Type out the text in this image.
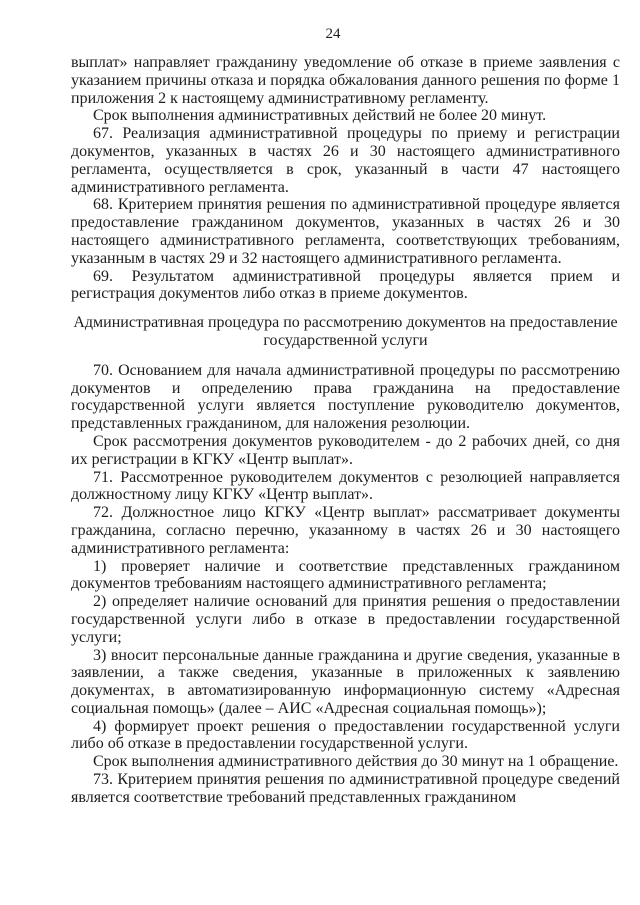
24

выплат» направляет гражданину уведомление об отказе в приеме заявления с указанием причины отказа и порядка обжалования данного решения по форме 1 приложения 2 к настоящему административному регламенту.

Срок выполнения административных действий не более 20 минут.

67. Реализация административной процедуры по приему и регистрации документов, указанных в частях 26 и 30 настоящего административного регламента, осуществляется в срок, указанный в части 47 настоящего административного регламента.

68. Критерием принятия решения по административной процедуре является предоставление гражданином документов, указанных в частях 26 и 30 настоящего административного регламента, соответствующих требованиям, указанным в частях 29 и 32 настоящего административного регламента.

69. Результатом административной процедуры является прием и регистрация документов либо отказ в приеме документов.

Административная процедура по рассмотрению документов на предоставление государственной услуги

70. Основанием для начала административной процедуры по рассмотрению документов и определению права гражданина на предоставление государственной услуги является поступление руководителю документов, представленных гражданином, для наложения резолюции.

Срок рассмотрения документов руководителем - до 2 рабочих дней, со дня их регистрации в КГКУ «Центр выплат».

71. Рассмотренное руководителем документов с резолюцией направляется должностному лицу КГКУ «Центр выплат».

72. Должностное лицо КГКУ «Центр выплат» рассматривает документы гражданина, согласно перечню, указанному в частях 26 и 30 настоящего административного регламента:

1) проверяет наличие и соответствие представленных гражданином документов требованиям настоящего административного регламента;

2) определяет наличие оснований для принятия решения о предоставлении государственной услуги либо в отказе в предоставлении государственной услуги;

3) вносит персональные данные гражданина и другие сведения, указанные в заявлении, а также сведения, указанные в приложенных к заявлению документах, в автоматизированную информационную систему «Адресная социальная помощь» (далее – АИС «Адресная социальная помощь»);

4) формирует проект решения о предоставлении государственной услуги либо об отказе в предоставлении государственной услуги.

Срок выполнения административного действия до 30 минут на 1 обращение.

73. Критерием принятия решения по административной процедуре сведений является соответствие требований представленных гражданином
